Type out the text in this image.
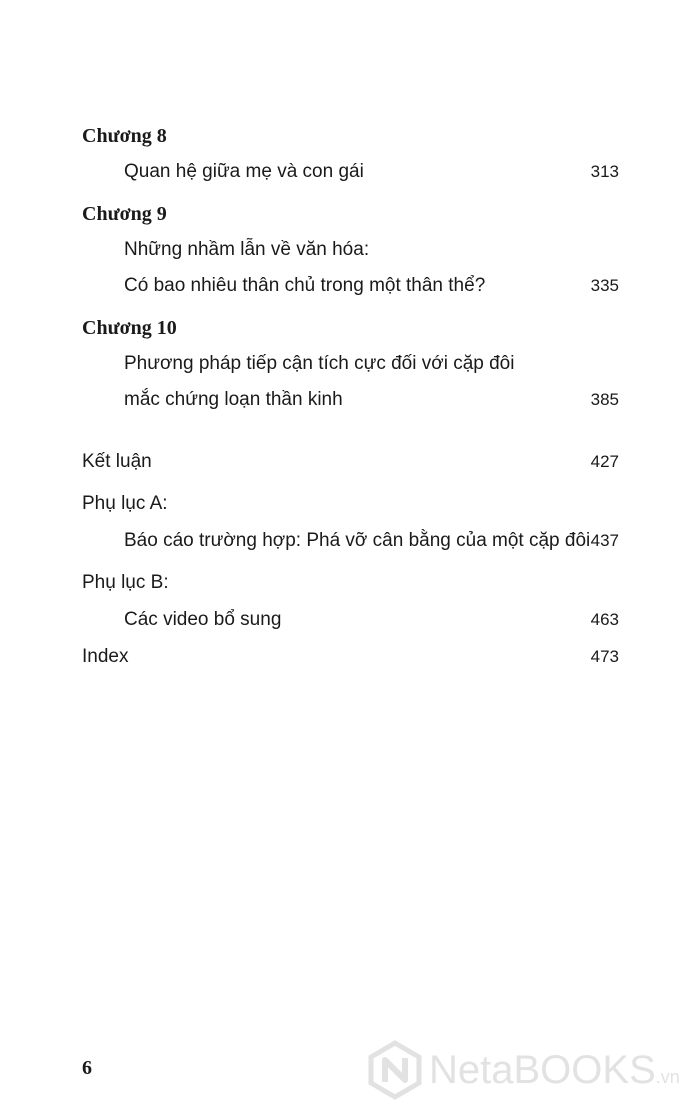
Chương 8
Quan hệ giữa mẹ và con gái	313
Chương 9
Những nhầm lẫn về văn hóa:
Có bao nhiêu thân chủ trong một thân thể?	335
Chương 10
Phương pháp tiếp cận tích cực đối với cặp đôi
mắc chứng loạn thần kinh	385
Kết luận	427
Phụ lục A:
Báo cáo trường hợp: Phá vỡ cân bằng của một cặp đôi 437
Phụ lục B:
Các video bổ sung	463
Index	473
6	NetaBOOKS.vn
